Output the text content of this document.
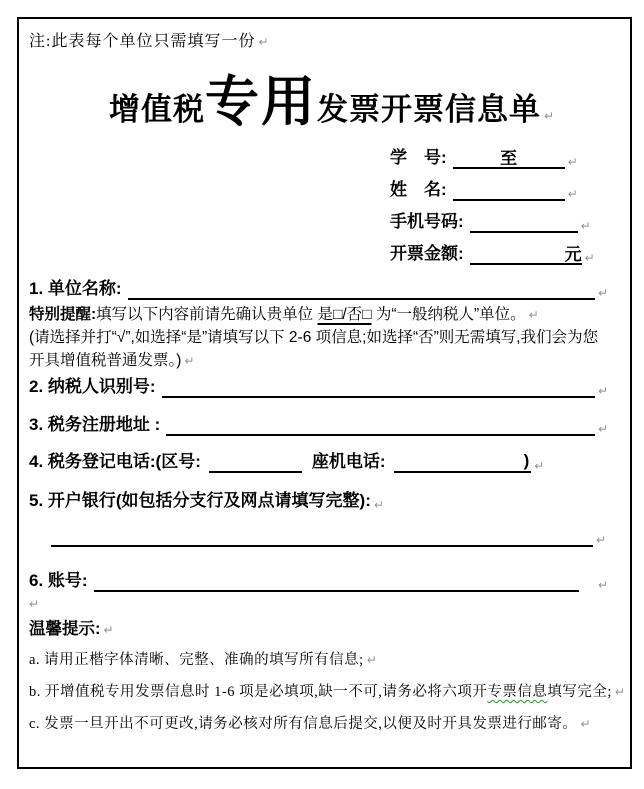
注:此表每个单位只需填写一份 ↵
增值税专用发票开票信息单 ↵
学　号:	至	↵
姓　名:	↵
手机号码:	↵
开票金额:	元 ↵
1. 单位名称:	↵
特别提醒:填写以下内容前请先确认贵单位 是□/否□ 为“一般纳税人”单位。 ↵
(请选择并打“√”,如选择“是”请填写以下 2-6 项信息;如选择“否”则无需填写,我们会为您开具增值税普通发票。) ↵
2. 纳税人识别号:	↵
3. 税务注册地址 :	↵
4. 税务登记电话:(区号:	座机电话:	) ↵
5. 开户银行(如包括分支行及网点请填写完整): ↵
↵
6. 账号:	↵
↵
温馨提示: ↵
a. 请用正楷字体清晰、完整、准确的填写所有信息; ↵
b. 开增值税专用发票信息时 1-6 项是必填项,缺一不可,请务必将六项开专票信息填写完全; ↵
c. 发票一旦开出不可更改,请务必核对所有信息后提交,以便及时开具发票进行邮寄。 ↵
